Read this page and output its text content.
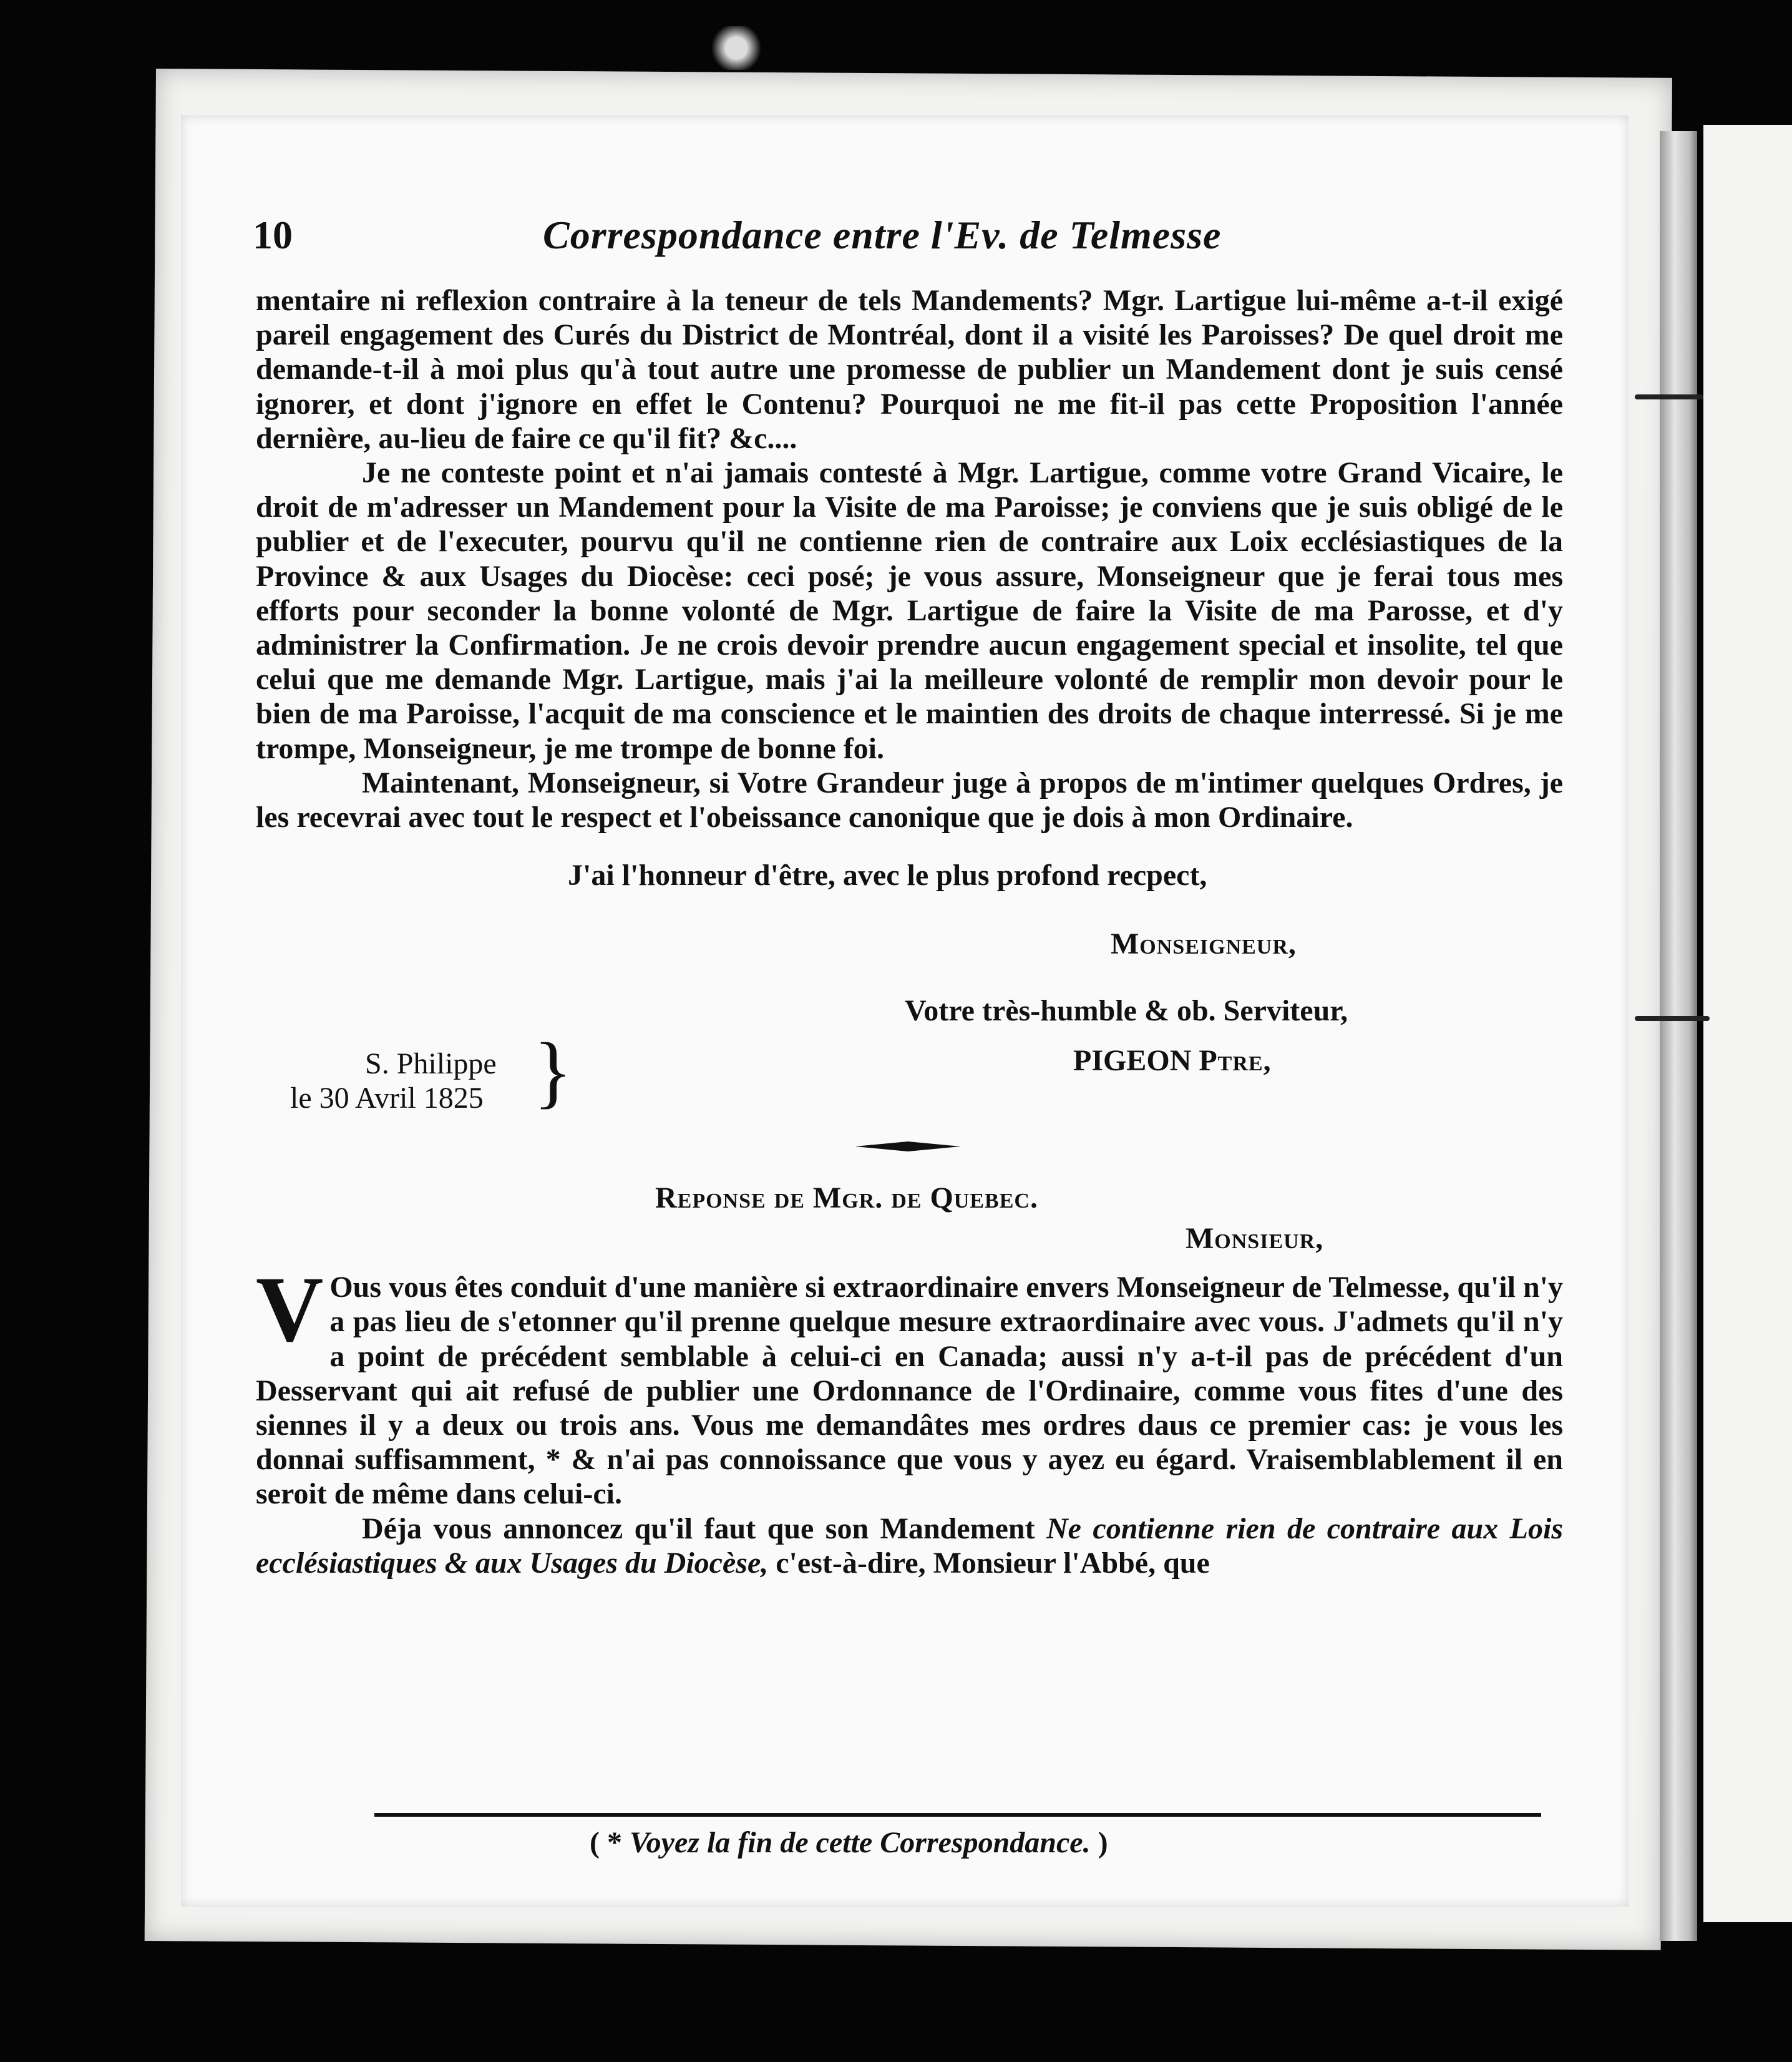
10	Correspondance entre l'Ev. de Telmesse

mentaire ni reflexion contraire à la teneur de tels Mandements? Mgr. Lartigue lui-même a-t-il exigé pareil engagement des Curés du District de Montréal, dont il a visité les Paroisses? De quel droit me demande-t-il à moi plus qu'à tout autre une promesse de publier un Mandement dont je suis censé ignorer, et dont j'ignore en effet le Contenu? Pourquoi ne me fit-il pas cette Proposition l'année dernière, au-lieu de faire ce qu'il fit? &c....

Je ne conteste point et n'ai jamais contesté à Mgr. Lartigue, comme votre Grand Vicaire, le droit de m'adresser un Mandement pour la Visite de ma Paroisse; je conviens que je suis obligé de le publier et de l'executer, pourvu qu'il ne contienne rien de contraire aux Loix ecclésiastiques de la Province & aux Usages du Diocèse: ceci posé; je vous assure, Monseigneur que je ferai tous mes efforts pour seconder la bonne volonté de Mgr. Lartigue de faire la Visite de ma Parosse, et d'y administrer la Confirmation. Je ne crois devoir prendre aucun engagement special et insolite, tel que celui que me demande Mgr. Lartigue, mais j'ai la meilleure volonté de remplir mon devoir pour le bien de ma Paroisse, l'acquit de ma conscience et le maintien des droits de chaque interressé. Si je me trompe, Monseigneur, je me trompe de bonne foi.

Maintenant, Monseigneur, si Votre Grandeur juge à propos de m'intimer quelques Ordres, je les recevrai avec tout le respect et l'obeissance canonique que je dois à mon Ordinaire.

J'ai l'honneur d'être, avec le plus profond recpect,
Monseigneur,
Votre très-humble & ob. Serviteur,
PIGEON Ptre,
S. Philippe
le 30 Avril 1825 }
Reponse de Mgr. de Quebec.
Monsieur,

V Ous vous êtes conduit d'une manière si extraordinaire envers Monseigneur de Telmesse, qu'il n'y a pas lieu de s'etonner qu'il prenne quelque mesure extraordinaire avec vous. J'admets qu'il n'y a point de précédent semblable à celui-ci en Canada; aussi n'y a-t-il pas de précédent d'un Desservant qui ait refusé de publier une Ordonnance de l'Ordinaire, comme vous fites d'une des siennes il y a deux ou trois ans. Vous me demandâtes mes ordres daus ce premier cas: je vous les donnai suffisamment, * & n'ai pas connoissance que vous y ayez eu égard. Vraisemblablement il en seroit de même dans celui-ci.

Déja vous annoncez qu'il faut que son Mandement Ne contienne rien de contraire aux Lois ecclésiastiques & aux Usages du Diocèse, c'est-à-dire, Monsieur l'Abbé, que

( * Voyez la fin de cette Correspondance. )
